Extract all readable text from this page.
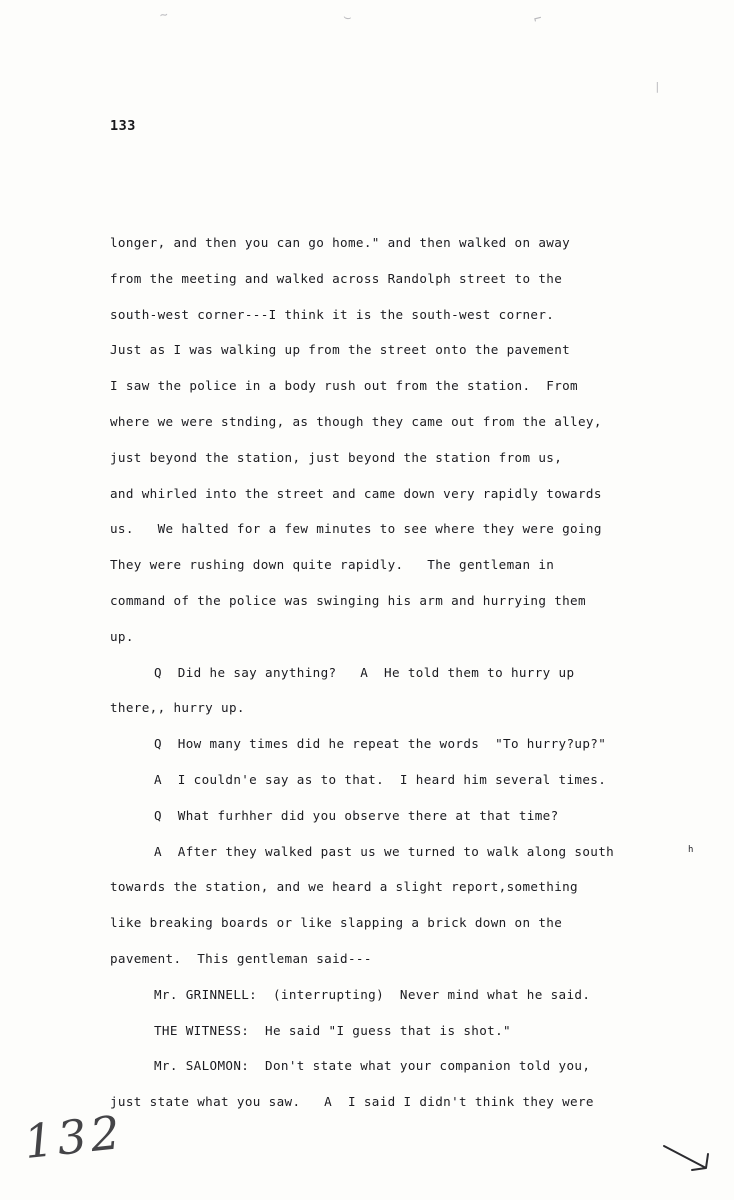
~	⌣	⌐
|
133
longer, and then you can go home." and then walked on away
from the meeting and walked across Randolph street to the
south-west corner---I think it is the south-west corner.
Just as I was walking up from the street onto the pavement
I saw the police in a body rush out from the station.  From
where we were stnding, as though they came out from the alley,
just beyond the station, just beyond the station from us,
and whirled into the street and came down very rapidly towards
us.   We halted for a few minutes to see where they were going
They were rushing down quite rapidly.   The gentleman in
command of the police was swinging his arm and hurrying them
up.
Q  Did he say anything?   A  He told them to hurry up
there,, hurry up.
Q  How many times did he repeat the words  "To hurry?up?"
A  I couldn'e say as to that.  I heard him several times.
Q  What furhher did you observe there at that time?
A  After they walked past us we turned to walk along south
towards the station, and we heard a slight report,something
like breaking boards or like slapping a brick down on the
pavement.  This gentleman said---
Mr. GRINNELL:  (interrupting)  Never mind what he said.
THE WITNESS:  He said "I guess that is shot."
Mr. SALOMON:  Don't state what your companion told you,
just state what you saw.   A  I said I didn't think they were
h
132
